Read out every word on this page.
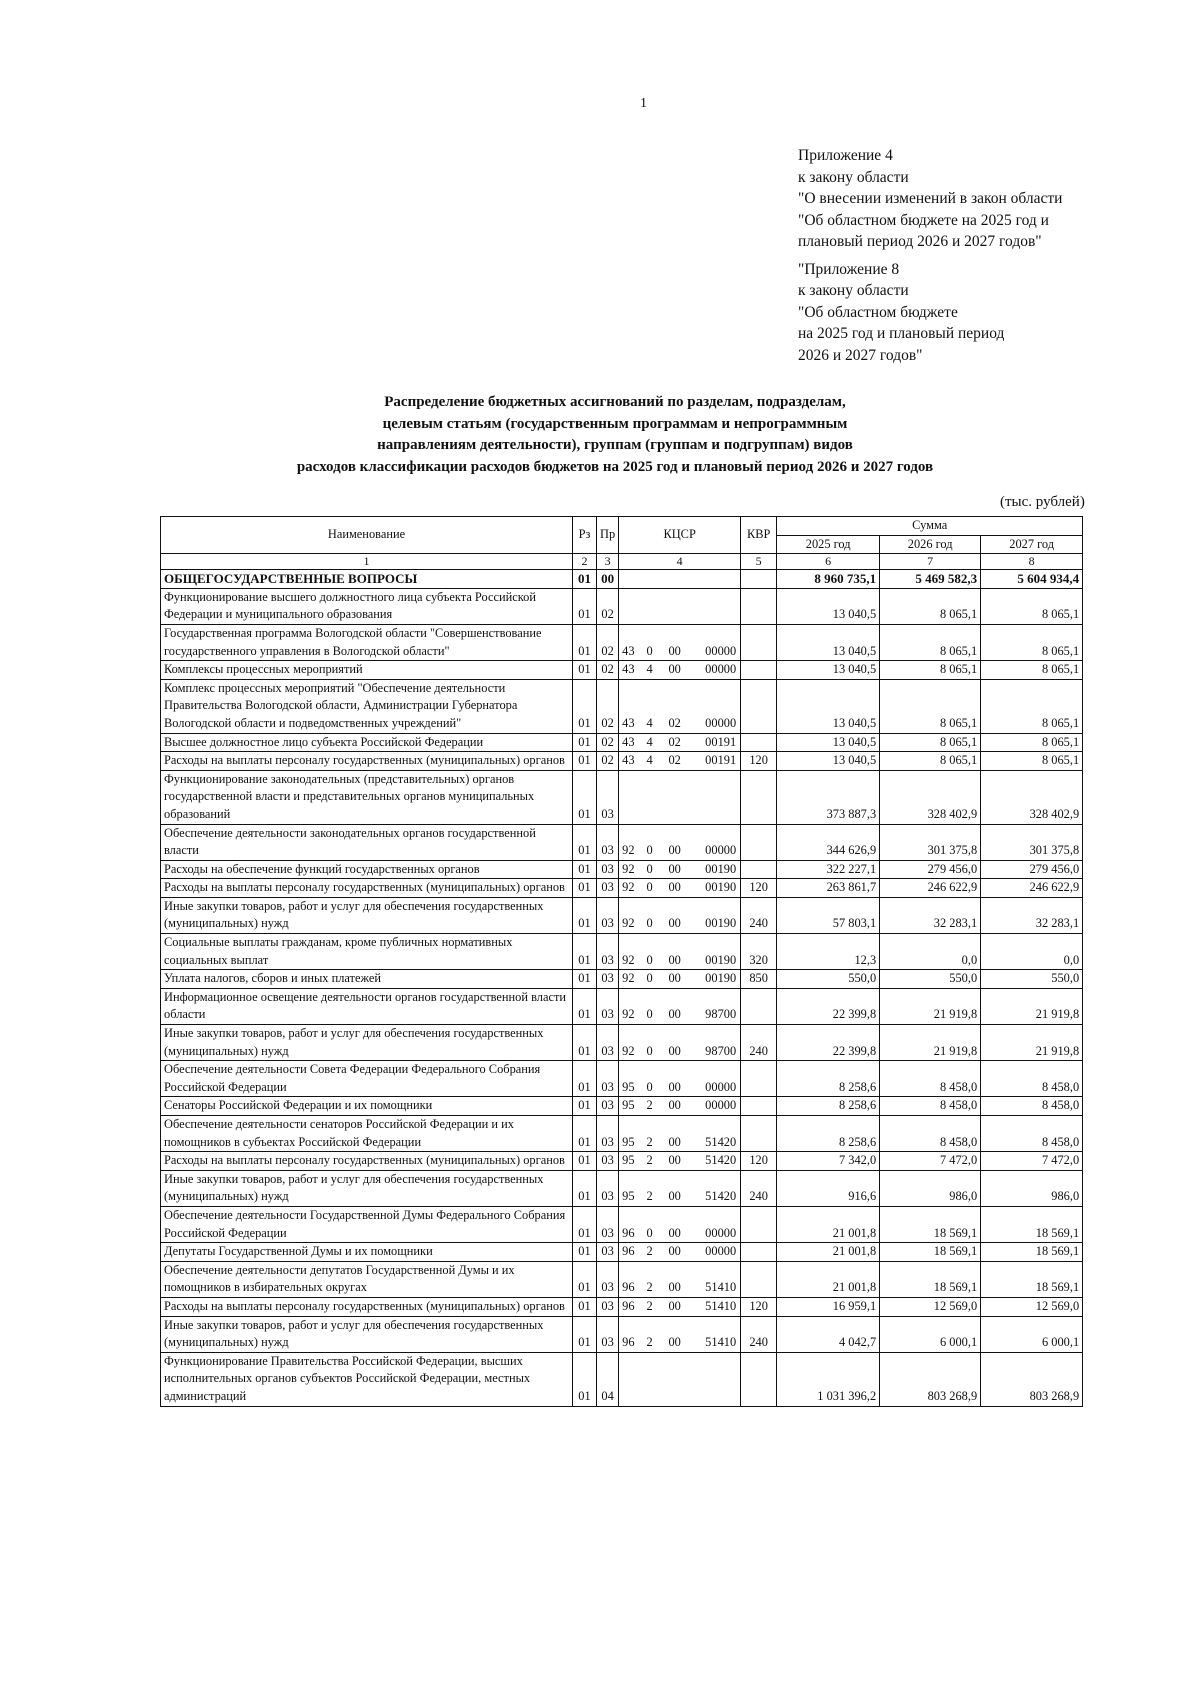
1
Приложение 4
к закону области
"О внесении изменений в закон области
"Об областном бюджете на 2025 год и
плановый период 2026 и 2027 годов"
"Приложение 8
к закону области
"Об областном бюджете
на 2025 год и плановый период
2026 и 2027 годов"
Распределение бюджетных ассигнований по разделам, подразделам,
целевым статьям (государственным программам и непрограммным
направлениям деятельности), группам (группам и подгруппам) видов
расходов классификации расходов бюджетов на 2025 год и плановый период 2026 и 2027 годов
(тыс. рублей)
Наименование	Рз	Пр	КЦСР				КВР	Сумма		
								2025 год	2026 год	2027 год
1	2	3	4				5	6	7	8
ОБЩЕГОСУДАРСТВЕННЫЕ ВОПРОСЫ	01	00						8 960 735,1	5 469 582,3	5 604 934,4
Функционирование высшего должностного лица субъекта Российской Федерации и муниципального образования	01	02						13 040,5	8 065,1	8 065,1
Государственная программа Вологодской области "Совершенствование государственного управления в Вологодской области"	01	02	43	0	00	00000		13 040,5	8 065,1	8 065,1
Комплексы процессных мероприятий	01	02	43	4	00	00000		13 040,5	8 065,1	8 065,1
Комплекс процессных мероприятий "Обеспечение деятельности Правительства Вологодской области, Администрации Губернатора Вологодской области и подведомственных учреждений"	01	02	43	4	02	00000		13 040,5	8 065,1	8 065,1
Высшее должностное лицо субъекта Российской Федерации	01	02	43	4	02	00191		13 040,5	8 065,1	8 065,1
Расходы на выплаты персоналу государственных (муниципальных) органов	01	02	43	4	02	00191	120	13 040,5	8 065,1	8 065,1
Функционирование законодательных (представительных) органов государственной власти и представительных органов муниципальных образований	01	03						373 887,3	328 402,9	328 402,9
Обеспечение деятельности законодательных органов государственной власти	01	03	92	0	00	00000		344 626,9	301 375,8	301 375,8
Расходы на обеспечение функций государственных органов	01	03	92	0	00	00190		322 227,1	279 456,0	279 456,0
Расходы на выплаты персоналу государственных (муниципальных) органов	01	03	92	0	00	00190	120	263 861,7	246 622,9	246 622,9
Иные закупки товаров, работ и услуг для обеспечения государственных (муниципальных) нужд	01	03	92	0	00	00190	240	57 803,1	32 283,1	32 283,1
Социальные выплаты гражданам, кроме публичных нормативных социальных выплат	01	03	92	0	00	00190	320	12,3	0,0	0,0
Уплата налогов, сборов и иных платежей	01	03	92	0	00	00190	850	550,0	550,0	550,0
Информационное освещение деятельности органов государственной власти области	01	03	92	0	00	98700		22 399,8	21 919,8	21 919,8
Иные закупки товаров, работ и услуг для обеспечения государственных (муниципальных) нужд	01	03	92	0	00	98700	240	22 399,8	21 919,8	21 919,8
Обеспечение деятельности Совета Федерации Федерального Собрания Российской Федерации	01	03	95	0	00	00000		8 258,6	8 458,0	8 458,0
Сенаторы Российской Федерации и их помощники	01	03	95	2	00	00000		8 258,6	8 458,0	8 458,0
Обеспечение деятельности сенаторов Российской Федерации и их помощников в субъектах Российской Федерации	01	03	95	2	00	51420		8 258,6	8 458,0	8 458,0
Расходы на выплаты персоналу государственных (муниципальных) органов	01	03	95	2	00	51420	120	7 342,0	7 472,0	7 472,0
Иные закупки товаров, работ и услуг для обеспечения государственных (муниципальных) нужд	01	03	95	2	00	51420	240	916,6	986,0	986,0
Обеспечение деятельности Государственной Думы Федерального Собрания Российской Федерации	01	03	96	0	00	00000		21 001,8	18 569,1	18 569,1
Депутаты Государственной Думы и их помощники	01	03	96	2	00	00000		21 001,8	18 569,1	18 569,1
Обеспечение деятельности депутатов Государственной Думы и их помощников в избирательных округах	01	03	96	2	00	51410		21 001,8	18 569,1	18 569,1
Расходы на выплаты персоналу государственных (муниципальных) органов	01	03	96	2	00	51410	120	16 959,1	12 569,0	12 569,0
Иные закупки товаров, работ и услуг для обеспечения государственных (муниципальных) нужд	01	03	96	2	00	51410	240	4 042,7	6 000,1	6 000,1
Функционирование Правительства Российской Федерации, высших исполнительных органов субъектов Российской Федерации, местных администраций	01	04						1 031 396,2	803 268,9	803 268,9
